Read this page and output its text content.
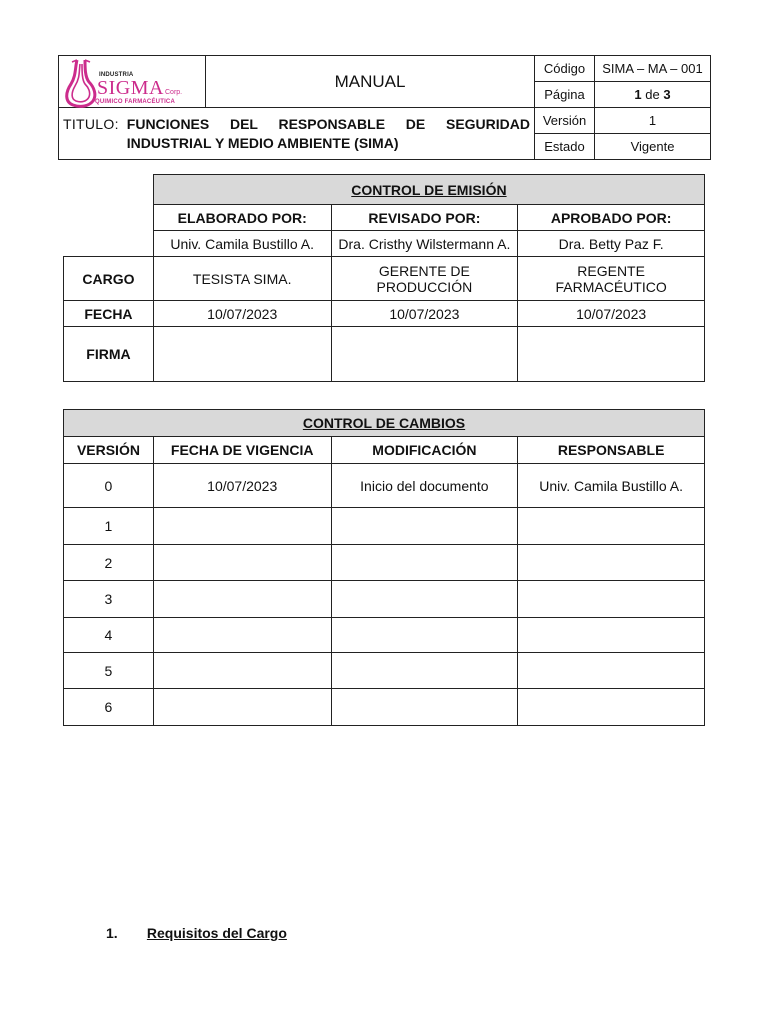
INDUSTRIA
SIGMA Corp.
QUIMICO FARMACÉUTICA	MANUAL	Código	SIMA – MA – 001
		Página	1 de 3

TITULO: FUNCIONES DEL RESPONSABLE DE SEGURIDAD INDUSTRIAL Y MEDIO AMBIENTE (SIMA)		Versión	1
		Estado	Vigente
	CONTROL DE EMISIÓN		
	ELABORADO POR:	REVISADO POR:	APROBADO POR:
	Univ. Camila Bustillo A.	Dra. Cristhy Wilstermann A.	Dra. Betty Paz F.
CARGO	TESISTA SIMA.	GERENTE DE PRODUCCIÓN	REGENTE FARMACÉUTICO

FECHA	10/07/2023	10/07/2023	10/07/2023
FIRMA			
CONTROL DE CAMBIOS			
VERSIÓN	FECHA DE VIGENCIA	MODIFICACIÓN	RESPONSABLE
0	10/07/2023	Inicio del documento	Univ. Camila Bustillo A.
1			
2			
3			
4			
5			
6			
1. Requisitos del Cargo
